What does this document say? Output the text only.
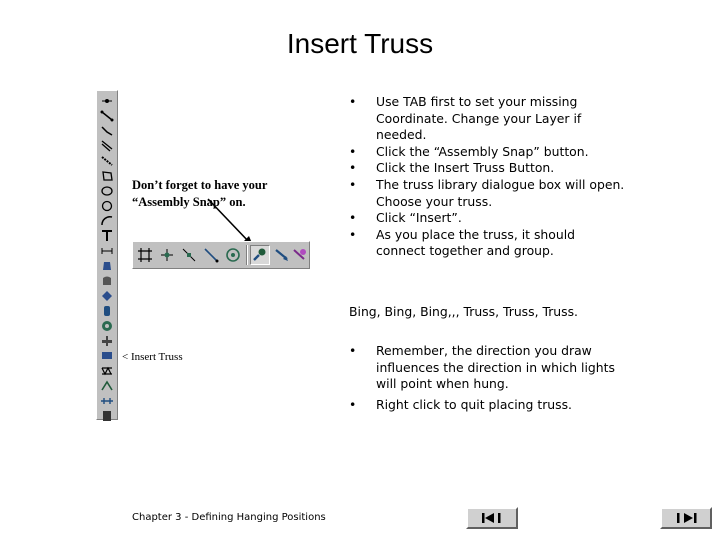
Insert Truss
Don’t forget to have your
“Assembly Snap” on.
< Insert Truss
• Use TAB first to set your missing Coordinate. Change your Layer if needed.
• Click the “Assembly Snap” button.
• Click the Insert Truss Button.
• The truss library dialogue box will open. Choose your truss.
• Click “Insert”.
• As you place the truss, it should connect together and group.
Bing, Bing, Bing,,, Truss, Truss, Truss.
• Remember, the direction you draw influences the direction in which lights will point when hung.
• Right click to quit placing truss.
Chapter 3 - Defining Hanging Positions
